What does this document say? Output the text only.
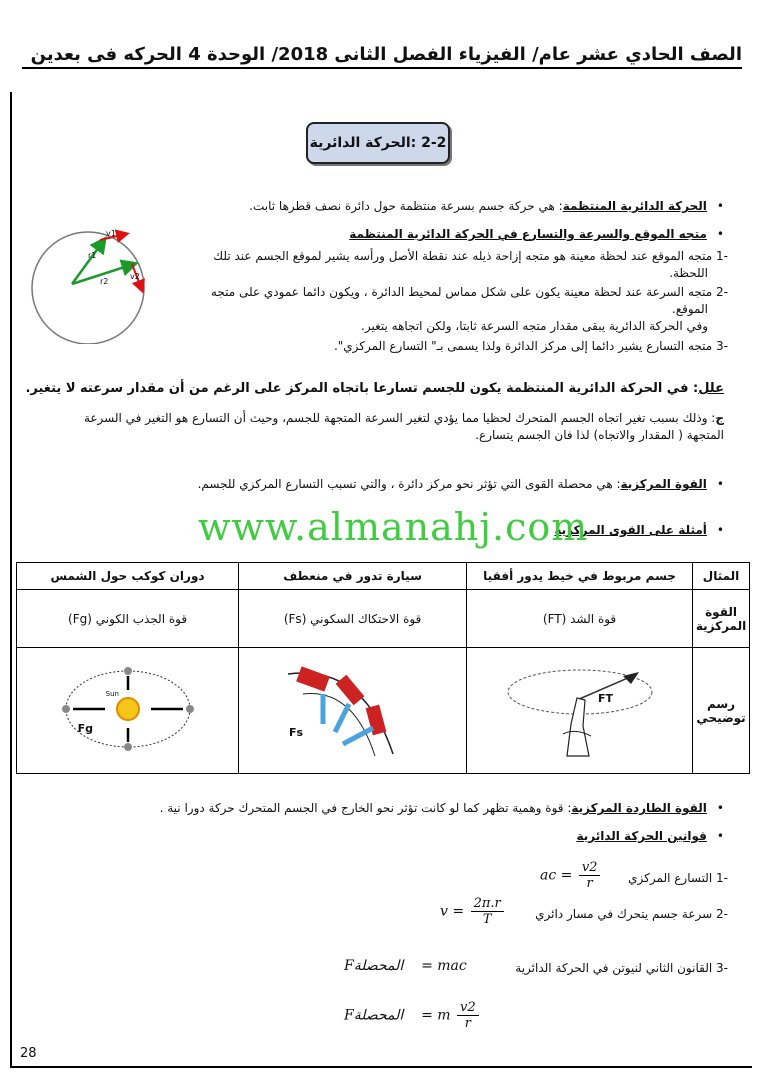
الصف الحادي عشر عام/ الفيزياء الفصل الثانى 2018/ الوحدة 4 الحركه فى بعدين
28
2-2 :الحركة الدائرية
•الحركة الدائرية المنتظمة: هي حركة جسم بسرعة منتظمة حول دائرة نصف قطرها ثابت.
•متجه الموقع والسرعة والتسارع في الحركة الدائرية المنتظمة
-1 متجه الموقع عند لحظة معينة هو متجه إزاحة ذيله عند نقطة الأصل ورأسه يشير لموقع الجسم عند تلك
اللحظة.
-2 متجه السرعة عند لحظة معينة يكون على شكل مماس لمحيط الدائرة ، ويكون دائما عمودي على متجه
الموقع.
وفي الحركة الدائرية يبقى مقدار متجه السرعة ثابتا، ولكن اتجاهه يتغير.
-3 متجه التسارع يشير دائما إلى مركز الدائرة ولذا يسمى بـ" التسارع المركزي".
v1
v2
r1
r2
علل: في الحركة الدائرية المنتظمة يكون للجسم تسارعا باتجاه المركز على الرغم من أن مقدار سرعته لا يتغير.
ج: وذلك بسبب تغير اتجاه الجسم المتحرك لحظيا مما يؤدي لتغير السرعة المتجهة للجسم، وحيث أن التسارع هو التغير في السرعة
المتجهة ( المقدار والاتجاه) لذا فان الجسم يتسارع.
•القوة المركزية: هي محصلة القوى التي تؤثر نحو مركز دائرة ، والتي تسبب التسارع المركزي للجسم.
•أمثلة على القوى المركزية
www.almanahj.com
المثال	جسم مربوط في خيط يدور أفقيا	سيارة تدور في منعطف	دوران كوكب حول الشمس
القوة المركزية	قوة الشد (FT)	قوة الاحتكاك السكوني (Fs)	قوة الجذب الكوني (Fg)
رسم توضيحي	FT	Fs	Sun
Fg
•القوة الطاردة المركزية: قوة وهمية تظهر كما لو كانت تؤثر نحو الخارج في الجسم المتحرك حركة دورا نية .
•قوانين الحركة الدائرية
-1 التسارع المركزي
-2 سرعة جسم يتحرك في مسار دائري
-3 القانون الثاني لنيوتن في الحركة الدائرية
ac = $\frac{v2}{r}$
$v = \frac{2\pi.r}{T}$
Fالمحصلة    = mac
Fالمحصلة    = m $\frac{v2}{r}$
